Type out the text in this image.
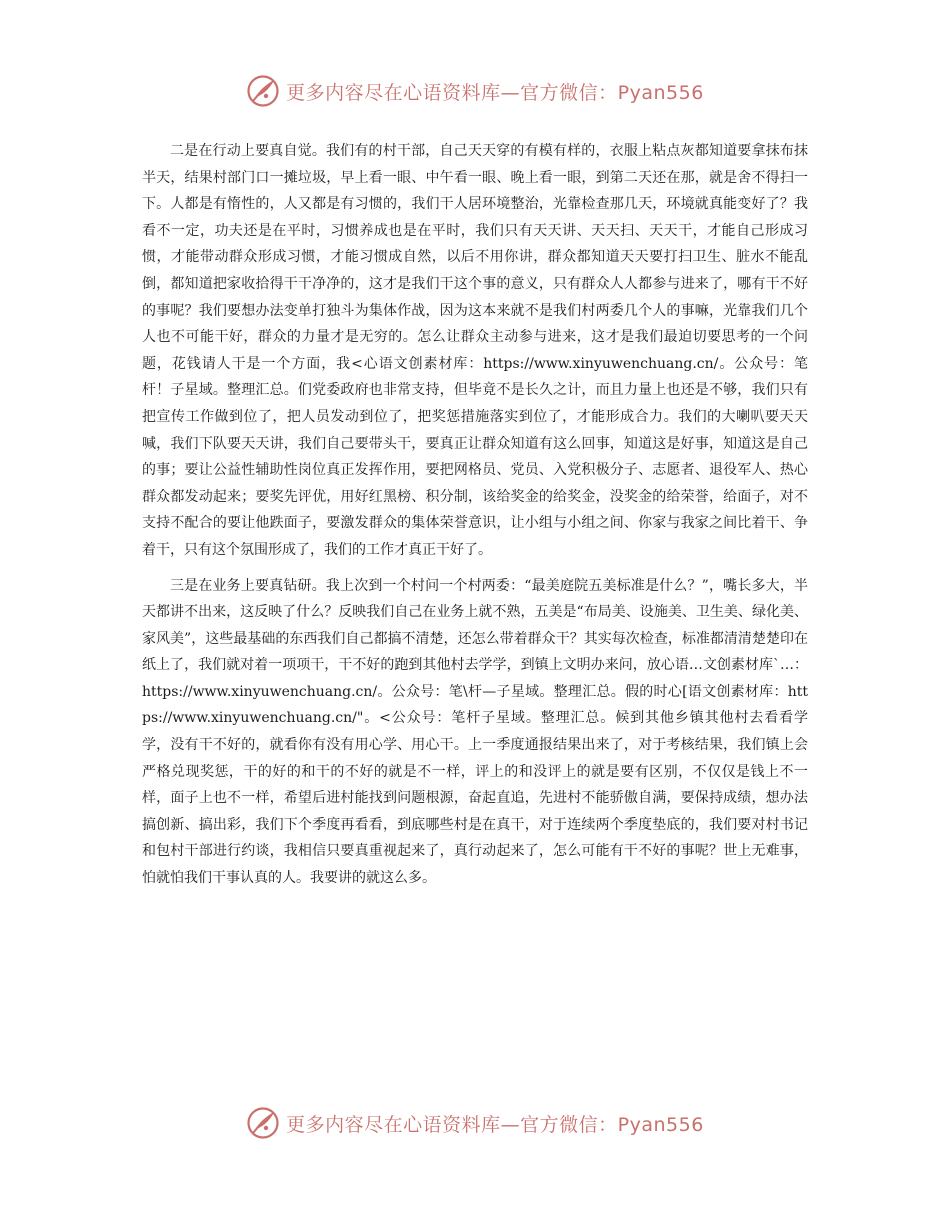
更多内容尽在心语资料库—官方微信：Pyan556

二是在行动上要真自觉。我们有的村干部，自己天天穿的有模有样的，衣服上粘点灰都知道要拿抹布抹半天，结果村部门口一摊垃圾，早上看一眼、中午看一眼、晚上看一眼，到第二天还在那，就是舍不得扫一下。人都是有惰性的，人又都是有习惯的，我们干人居环境整治，光靠检查那几天，环境就真能变好了？我看不一定，功夫还是在平时，习惯养成也是在平时，我们只有天天讲、天天扫、天天干，才能自己形成习惯，才能带动群众形成习惯，才能习惯成自然，以后不用你讲，群众都知道天天要打扫卫生、脏水不能乱倒，都知道把家收拾得干干净净的，这才是我们干这个事的意义，只有群众人人都参与进来了，哪有干不好的事呢？我们要想办法变单打独斗为集体作战，因为这本来就不是我们村两委几个人的事嘛，光靠我们几个人也不可能干好，群众的力量才是无穷的。怎么让群众主动参与进来，这才是我们最迫切要思考的一个问题，花钱请人干是一个方面，我<心语文创素材库：https://www.xinyuwenchuang.cn/。公众号：笔杆！子星域。整理汇总。们党委政府也非常支持，但毕竟不是长久之计，而且力量上也还是不够，我们只有把宣传工作做到位了，把人员发动到位了，把奖惩措施落实到位了，才能形成合力。我们的大喇叭要天天喊，我们下队要天天讲，我们自己要带头干，要真正让群众知道有这么回事，知道这是好事，知道这是自己的事；要让公益性辅助性岗位真正发挥作用，要把网格员、党员、入党积极分子、志愿者、退役军人、热心群众都发动起来；要奖先评优，用好红黑榜、积分制，该给奖金的给奖金，没奖金的给荣誉，给面子，对不支持不配合的要让他跌面子，要激发群众的集体荣誉意识，让小组与小组之间、你家与我家之间比着干、争着干，只有这个氛围形成了，我们的工作才真正干好了。

三是在业务上要真钻研。我上次到一个村问一个村两委：“最美庭院五美标准是什么？”，嘴长多大，半天都讲不出来，这反映了什么？反映我们自己在业务上就不熟，五美是“布局美、设施美、卫生美、绿化美、家风美”，这些最基础的东西我们自己都搞不清楚，还怎么带着群众干？其实每次检查，标准都清清楚楚印在纸上了，我们就对着一项项干，干不好的跑到其他村去学学，到镇上文明办来问，放心语…文创素材库`…：https://www.xinyuwenchuang.cn/。公众号：笔\杆—子星域。整理汇总。假的时心[语文创素材库：https://www.xinyuwenchuang.cn/"。<公众号：笔杆子星域。整理汇总。候到其他乡镇其他村去看看学学，没有干不好的，就看你有没有用心学、用心干。上一季度通报结果出来了，对于考核结果，我们镇上会严格兑现奖惩，干的好的和干的不好的就是不一样，评上的和没评上的就是要有区别，不仅仅是钱上不一样，面子上也不一样，希望后进村能找到问题根源，奋起直追，先进村不能骄傲自满，要保持成绩，想办法搞创新、搞出彩，我们下个季度再看看，到底哪些村是在真干，对于连续两个季度垫底的，我们要对村书记和包村干部进行约谈，我相信只要真重视起来了，真行动起来了，怎么可能有干不好的事呢？世上无难事，怕就怕我们干事认真的人。我要讲的就这么多。

更多内容尽在心语资料库—官方微信：Pyan556
